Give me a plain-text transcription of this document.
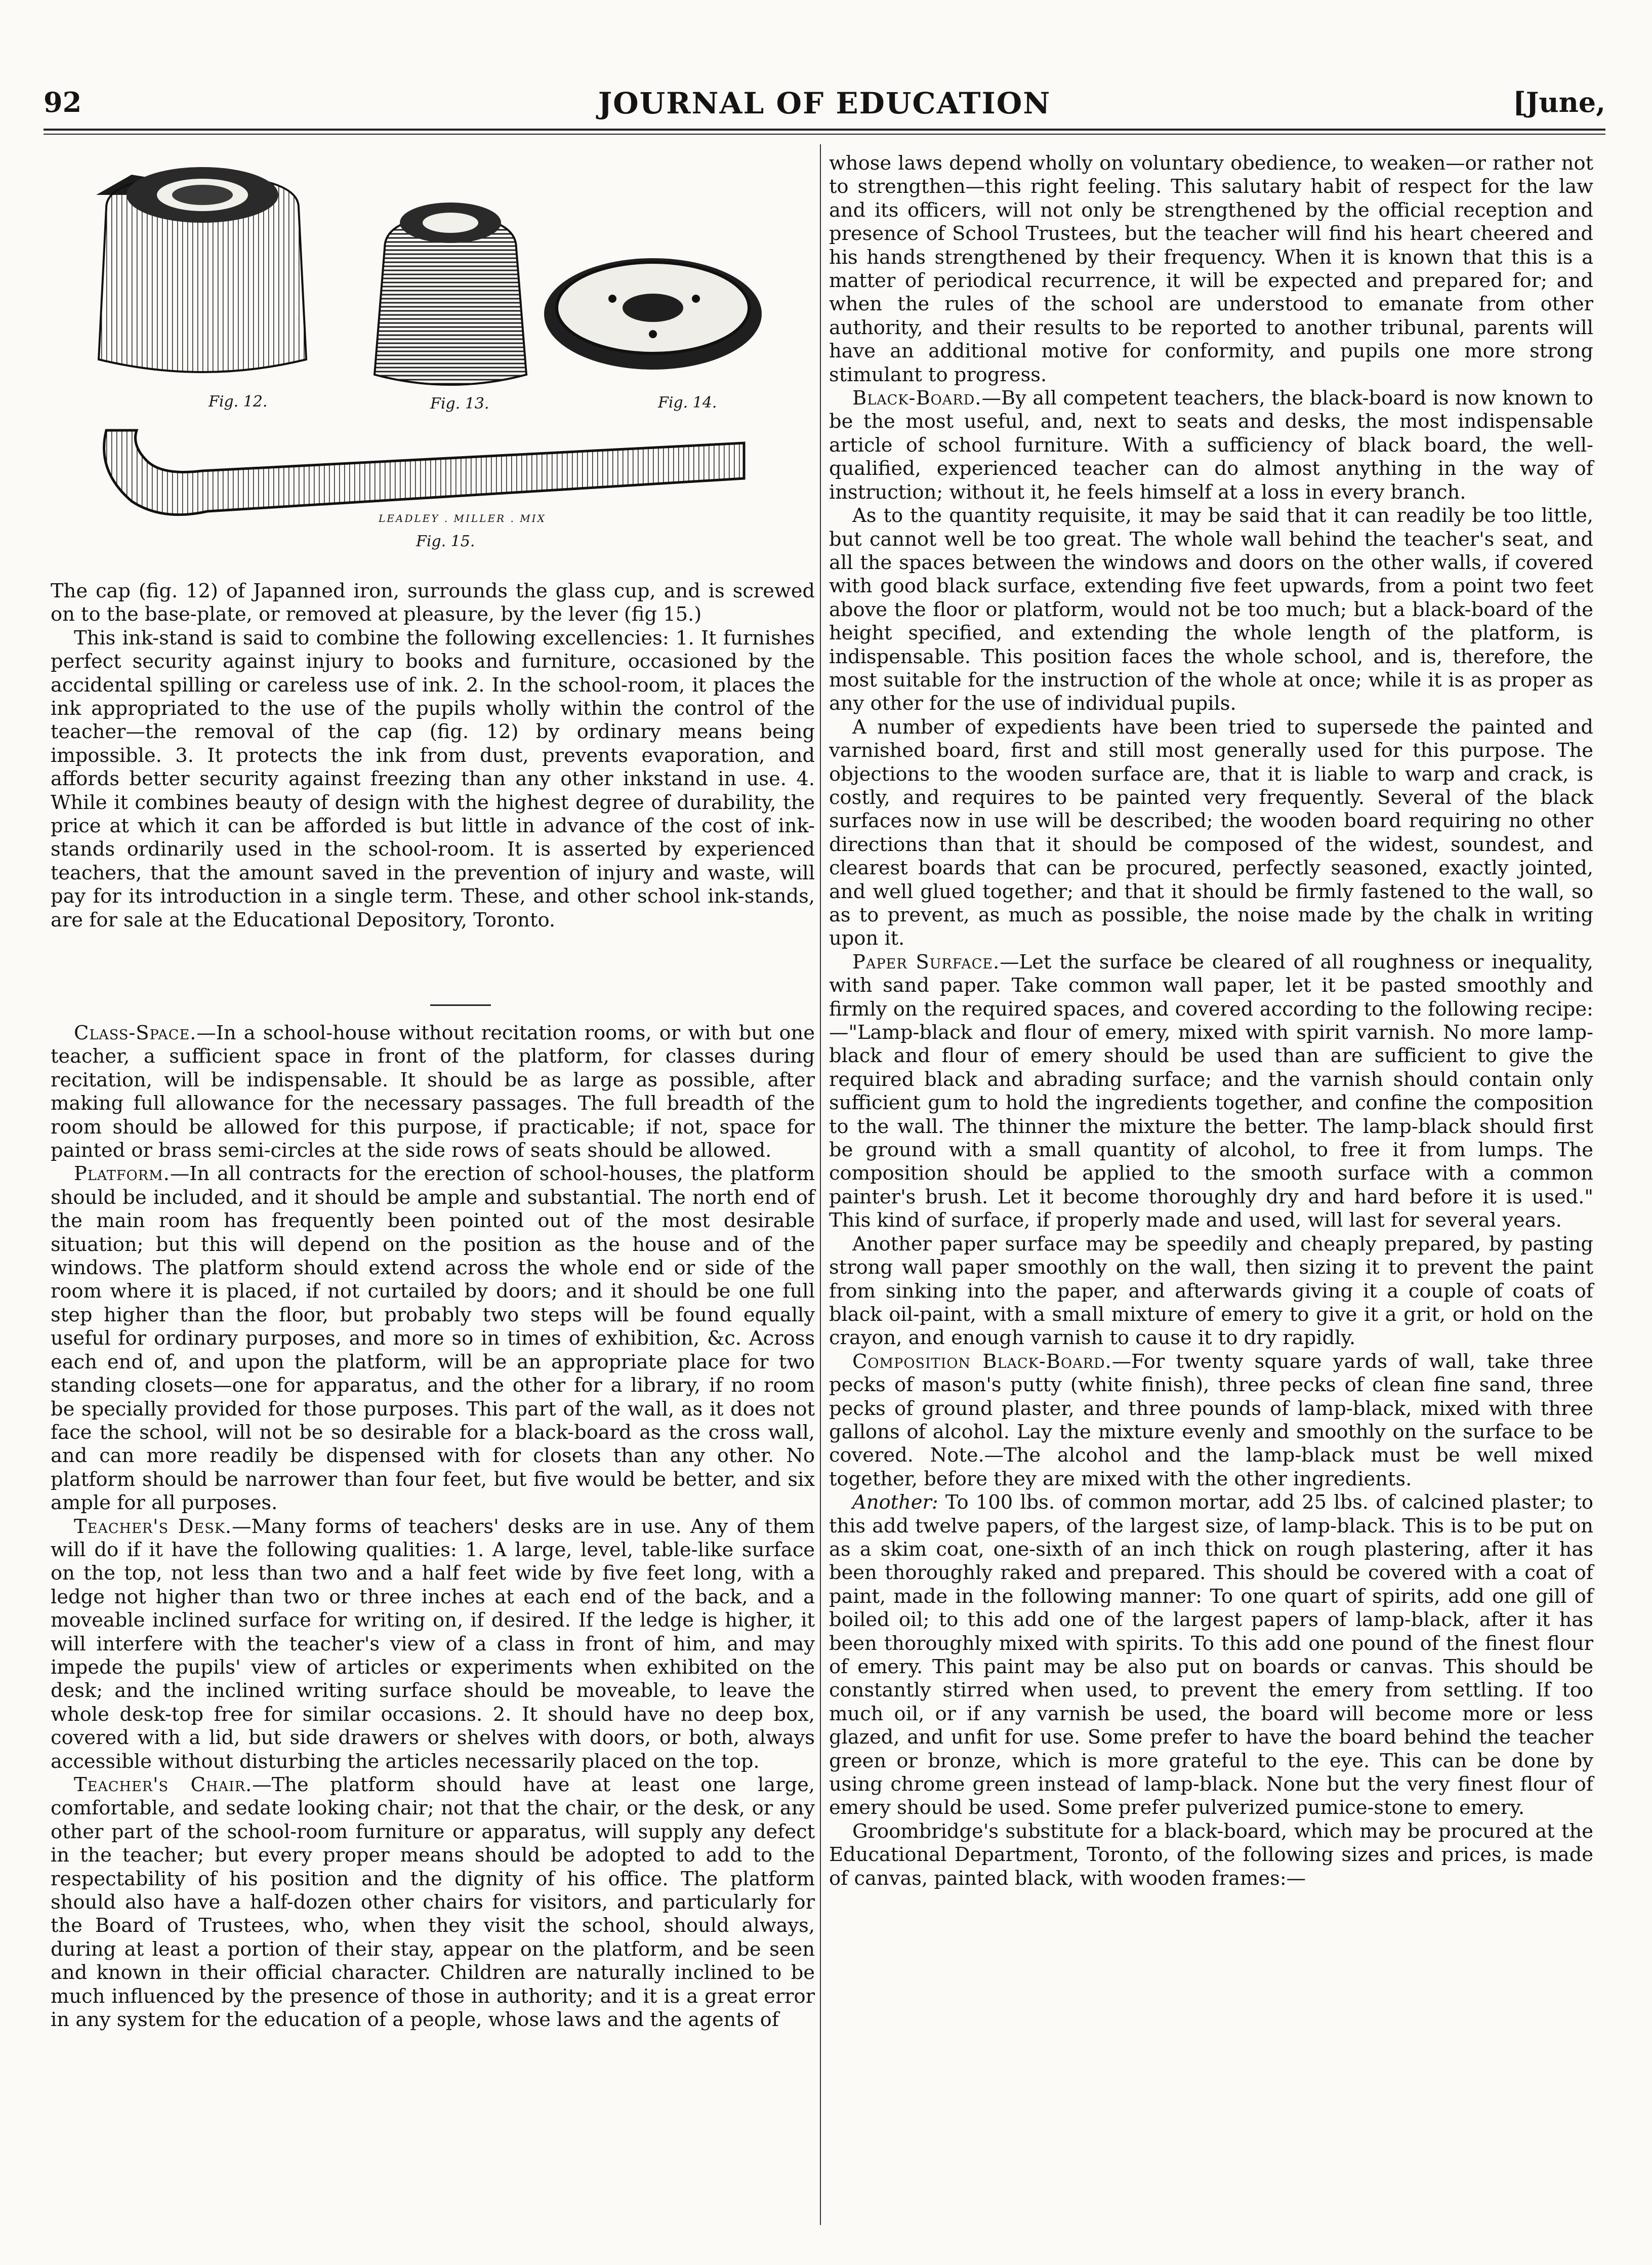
92	JOURNAL OF EDUCATION	[June,
Fig. 12.	Fig. 13.	Fig. 14.
LEADLEY . MILLER . MIX
Fig. 15.

The cap (fig. 12) of Japanned iron, surrounds the glass cup, and is screwed on to the base-plate, or removed at pleasure, by the lever (fig 15.)

This ink-stand is said to combine the following excellencies: 1. It furnishes perfect security against injury to books and furniture, occasioned by the accidental spilling or careless use of ink. 2. In the school-room, it places the ink appropriated to the use of the pupils wholly within the control of the teacher—the removal of the cap (fig. 12) by ordinary means being impossible. 3. It protects the ink from dust, prevents evaporation, and affords better security against freezing than any other inkstand in use. 4. While it combines beauty of design with the highest degree of durability, the price at which it can be afforded is but little in advance of the cost of ink-stands ordinarily used in the school-room. It is asserted by experienced teachers, that the amount saved in the prevention of injury and waste, will pay for its introduction in a single term. These, and other school ink-stands, are for sale at the Educational Depository, Toronto.

Class-Space.—In a school-house without recitation rooms, or with but one teacher, a sufficient space in front of the platform, for classes during recitation, will be indispensable. It should be as large as possible, after making full allowance for the necessary passages. The full breadth of the room should be allowed for this purpose, if practicable; if not, space for painted or brass semi-circles at the side rows of seats should be allowed.

Platform.—In all contracts for the erection of school-houses, the platform should be included, and it should be ample and substantial. The north end of the main room has frequently been pointed out of the most desirable situation; but this will depend on the position as the house and of the windows. The platform should extend across the whole end or side of the room where it is placed, if not curtailed by doors; and it should be one full step higher than the floor, but probably two steps will be found equally useful for ordinary purposes, and more so in times of exhibition, &c. Across each end of, and upon the platform, will be an appropriate place for two standing closets—one for apparatus, and the other for a library, if no room be specially provided for those purposes. This part of the wall, as it does not face the school, will not be so desirable for a black-board as the cross wall, and can more readily be dispensed with for closets than any other. No platform should be narrower than four feet, but five would be better, and six ample for all purposes.

Teacher's Desk.—Many forms of teachers' desks are in use. Any of them will do if it have the following qualities: 1. A large, level, table-like surface on the top, not less than two and a half feet wide by five feet long, with a ledge not higher than two or three inches at each end of the back, and a moveable inclined surface for writing on, if desired. If the ledge is higher, it will interfere with the teacher's view of a class in front of him, and may impede the pupils' view of articles or experiments when exhibited on the desk; and the inclined writing surface should be moveable, to leave the whole desk-top free for similar occasions. 2. It should have no deep box, covered with a lid, but side drawers or shelves with doors, or both, always accessible without disturbing the articles necessarily placed on the top.

Teacher's Chair.—The platform should have at least one large, comfortable, and sedate looking chair; not that the chair, or the desk, or any other part of the school-room furniture or apparatus, will supply any defect in the teacher; but every proper means should be adopted to add to the respectability of his position and the dignity of his office. The platform should also have a half-dozen other chairs for visitors, and particularly for the Board of Trustees, who, when they visit the school, should always, during at least a portion of their stay, appear on the platform, and be seen and known in their official character. Children are naturally inclined to be much influenced by the presence of those in authority; and it is a great error in any system for the education of a people, whose laws and the agents of

whose laws depend wholly on voluntary obedience, to weaken—or rather not to strengthen—this right feeling. This salutary habit of respect for the law and its officers, will not only be strengthened by the official reception and presence of School Trustees, but the teacher will find his heart cheered and his hands strengthened by their frequency. When it is known that this is a matter of periodical recurrence, it will be expected and prepared for; and when the rules of the school are understood to emanate from other authority, and their results to be reported to another tribunal, parents will have an additional motive for conformity, and pupils one more strong stimulant to progress.

Black-Board.—By all competent teachers, the black-board is now known to be the most useful, and, next to seats and desks, the most indispensable article of school furniture. With a sufficiency of black board, the well-qualified, experienced teacher can do almost anything in the way of instruction; without it, he feels himself at a loss in every branch.

As to the quantity requisite, it may be said that it can readily be too little, but cannot well be too great. The whole wall behind the teacher's seat, and all the spaces between the windows and doors on the other walls, if covered with good black surface, extending five feet upwards, from a point two feet above the floor or platform, would not be too much; but a black-board of the height specified, and extending the whole length of the platform, is indispensable. This position faces the whole school, and is, therefore, the most suitable for the instruction of the whole at once; while it is as proper as any other for the use of individual pupils.

A number of expedients have been tried to supersede the painted and varnished board, first and still most generally used for this purpose. The objections to the wooden surface are, that it is liable to warp and crack, is costly, and requires to be painted very frequently. Several of the black surfaces now in use will be described; the wooden board requiring no other directions than that it should be composed of the widest, soundest, and clearest boards that can be procured, perfectly seasoned, exactly jointed, and well glued together; and that it should be firmly fastened to the wall, so as to prevent, as much as possible, the noise made by the chalk in writing upon it.

Paper Surface.—Let the surface be cleared of all roughness or inequality, with sand paper. Take common wall paper, let it be pasted smoothly and firmly on the required spaces, and covered according to the following recipe:—"Lamp-black and flour of emery, mixed with spirit varnish. No more lamp-black and flour of emery should be used than are sufficient to give the required black and abrading surface; and the varnish should contain only sufficient gum to hold the ingredients together, and confine the composition to the wall. The thinner the mixture the better. The lamp-black should first be ground with a small quantity of alcohol, to free it from lumps. The composition should be applied to the smooth surface with a common painter's brush. Let it become thoroughly dry and hard before it is used." This kind of surface, if properly made and used, will last for several years.

Another paper surface may be speedily and cheaply prepared, by pasting strong wall paper smoothly on the wall, then sizing it to prevent the paint from sinking into the paper, and afterwards giving it a couple of coats of black oil-paint, with a small mixture of emery to give it a grit, or hold on the crayon, and enough varnish to cause it to dry rapidly.

Composition Black-Board.—For twenty square yards of wall, take three pecks of mason's putty (white finish), three pecks of clean fine sand, three pecks of ground plaster, and three pounds of lamp-black, mixed with three gallons of alcohol. Lay the mixture evenly and smoothly on the surface to be covered. Note.—The alcohol and the lamp-black must be well mixed together, before they are mixed with the other ingredients.

Another: To 100 lbs. of common mortar, add 25 lbs. of calcined plaster; to this add twelve papers, of the largest size, of lamp-black. This is to be put on as a skim coat, one-sixth of an inch thick on rough plastering, after it has been thoroughly raked and prepared. This should be covered with a coat of paint, made in the following manner: To one quart of spirits, add one gill of boiled oil; to this add one of the largest papers of lamp-black, after it has been thoroughly mixed with spirits. To this add one pound of the finest flour of emery. This paint may be also put on boards or canvas. This should be constantly stirred when used, to prevent the emery from settling. If too much oil, or if any varnish be used, the board will become more or less glazed, and unfit for use. Some prefer to have the board behind the teacher green or bronze, which is more grateful to the eye. This can be done by using chrome green instead of lamp-black. None but the very finest flour of emery should be used. Some prefer pulverized pumice-stone to emery.

Groombridge's substitute for a black-board, which may be procured at the Educational Department, Toronto, of the following sizes and prices, is made of canvas, painted black, with wooden frames:—
